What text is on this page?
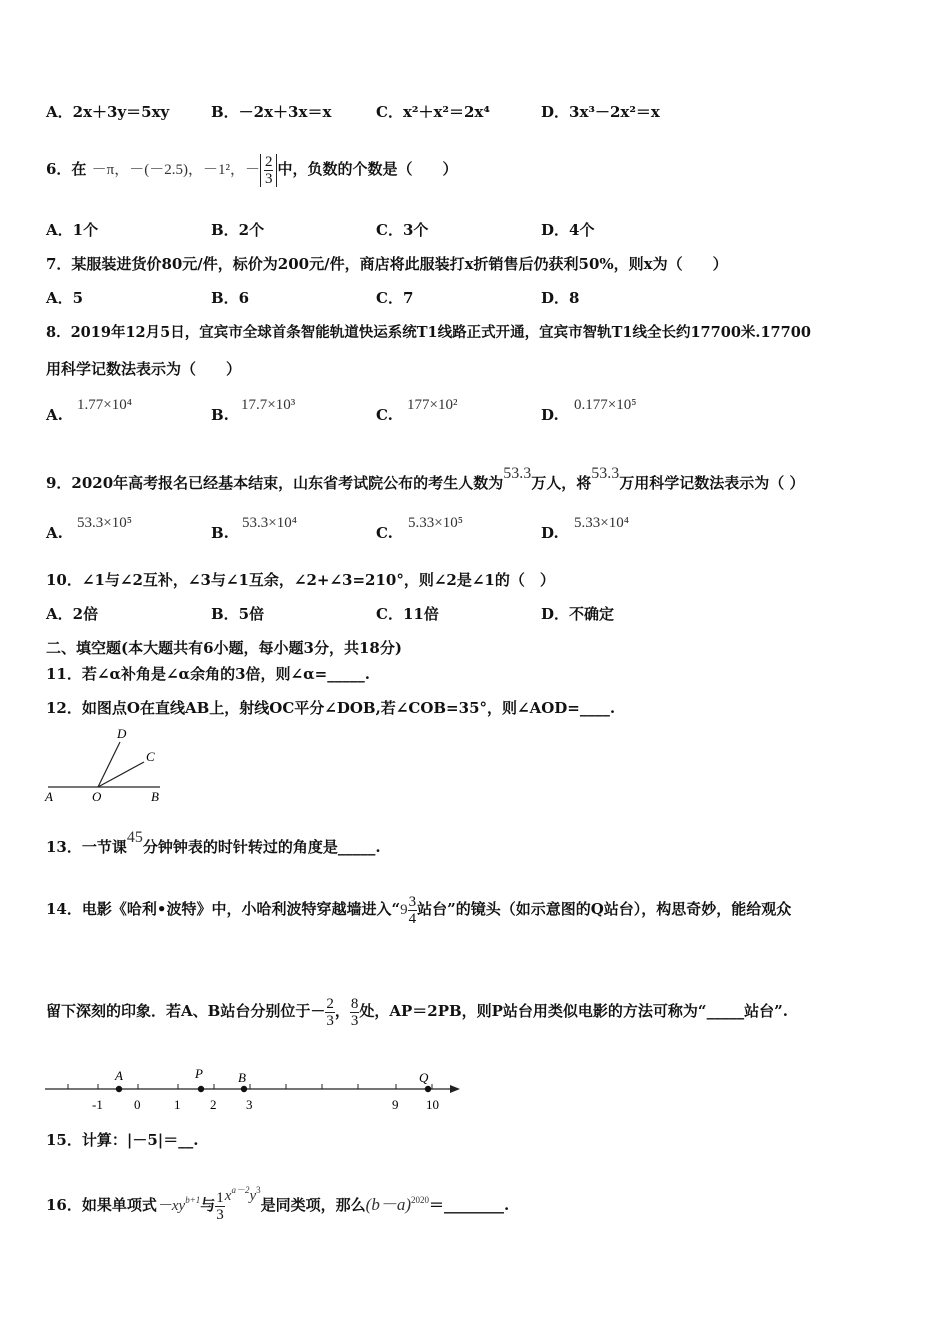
A．2x＋3y＝5xy	B．－2x＋3x＝x	C．x²＋x²＝2x⁴	D．3x³－2x²＝x
6．在 －π，－(－2.5)，－1²，－ $\frac{2}{3}$ 中，负数的个数是（　　）
A．1个	B．2个	C．3个	D．4个
7．某服装进货价80元/件，标价为200元/件，商店将此服装打x折销售后仍获利50%，则x为（　　）
A．5	B．6	C．7	D．8
8．2019年12月5日，宜宾市全球首条智能轨道快运系统T1线路正式开通，宜宾市智轨T1线全长约17700米.17700
用科学记数法表示为（　　）
A.
1.77×10⁴
B.
17.7×10³
C.
177×10²
D.
0.177×10⁵
9．2020年高考报名已经基本结束，山东省考试院公布的考生人数为53.3万人，将53.3万用科学记数法表示为（ ）
A.
53.3×10⁵
B.
53.3×10⁴
C.
5.33×10⁵
D.
5.33×10⁴
10．∠1与∠2互补，∠3与∠1互余，∠2+∠3=210°，则∠2是∠1的（　）
A．2倍	B．5倍	C．11倍	D．不确定
二、填空题(本大题共有6小题，每小题3分，共18分)
11．若∠α补角是∠α余角的3倍，则∠α=_____.
12．如图点O在直线AB上，射线OC平分∠DOB,若∠COB=35°，则∠AOD=____.
D
C
A	O	B
13．一节课45分钟钟表的时针转过的角度是_____.
14．电影《哈利•波特》中，小哈利波特穿越墙进入“$9 \frac{3}{4}$ 站台”的镜头（如示意图的Q站台），构思奇妙，能给观众
留下深刻的印象．若A、B站台分别位于－ $\frac{2}{3}$ ， $\frac{8}{3}$ 处，AP＝2PB，则P站台用类似电影的方法可称为“_____站台”.
-1 0	1 2 3	9 10
A	P	B	Q
15．计算：|－5|＝__.
16．如果单项式$-xy^{b+1}$与 $\frac{1}{3} x^{a-2}y^3$是同类项，那么$(b-a)^{2020}=\_\_\_\_\_\_\_\_$.
